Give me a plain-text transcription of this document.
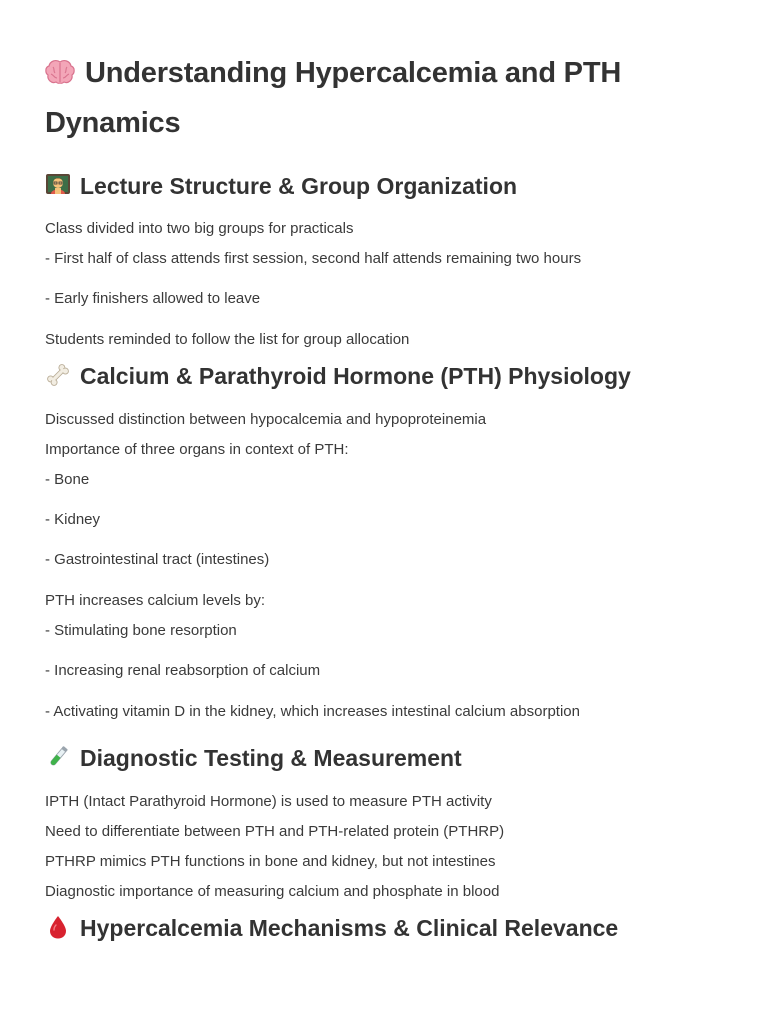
Understanding Hypercalcemia and PTH Dynamics
Lecture Structure & Group Organization
Class divided into two big groups for practicals
- First half of class attends first session, second half attends remaining two hours
- Early finishers allowed to leave
Students reminded to follow the list for group allocation
Calcium & Parathyroid Hormone (PTH) Physiology
Discussed distinction between hypocalcemia and hypoproteinemia
Importance of three organs in context of PTH:
- Bone
- Kidney
- Gastrointestinal tract (intestines)
PTH increases calcium levels by:
- Stimulating bone resorption
- Increasing renal reabsorption of calcium
- Activating vitamin D in the kidney, which increases intestinal calcium absorption
Diagnostic Testing & Measurement
IPTH (Intact Parathyroid Hormone) is used to measure PTH activity
Need to differentiate between PTH and PTH-related protein (PTHRP)
PTHRP mimics PTH functions in bone and kidney, but not intestines
Diagnostic importance of measuring calcium and phosphate in blood
Hypercalcemia Mechanisms & Clinical Relevance
